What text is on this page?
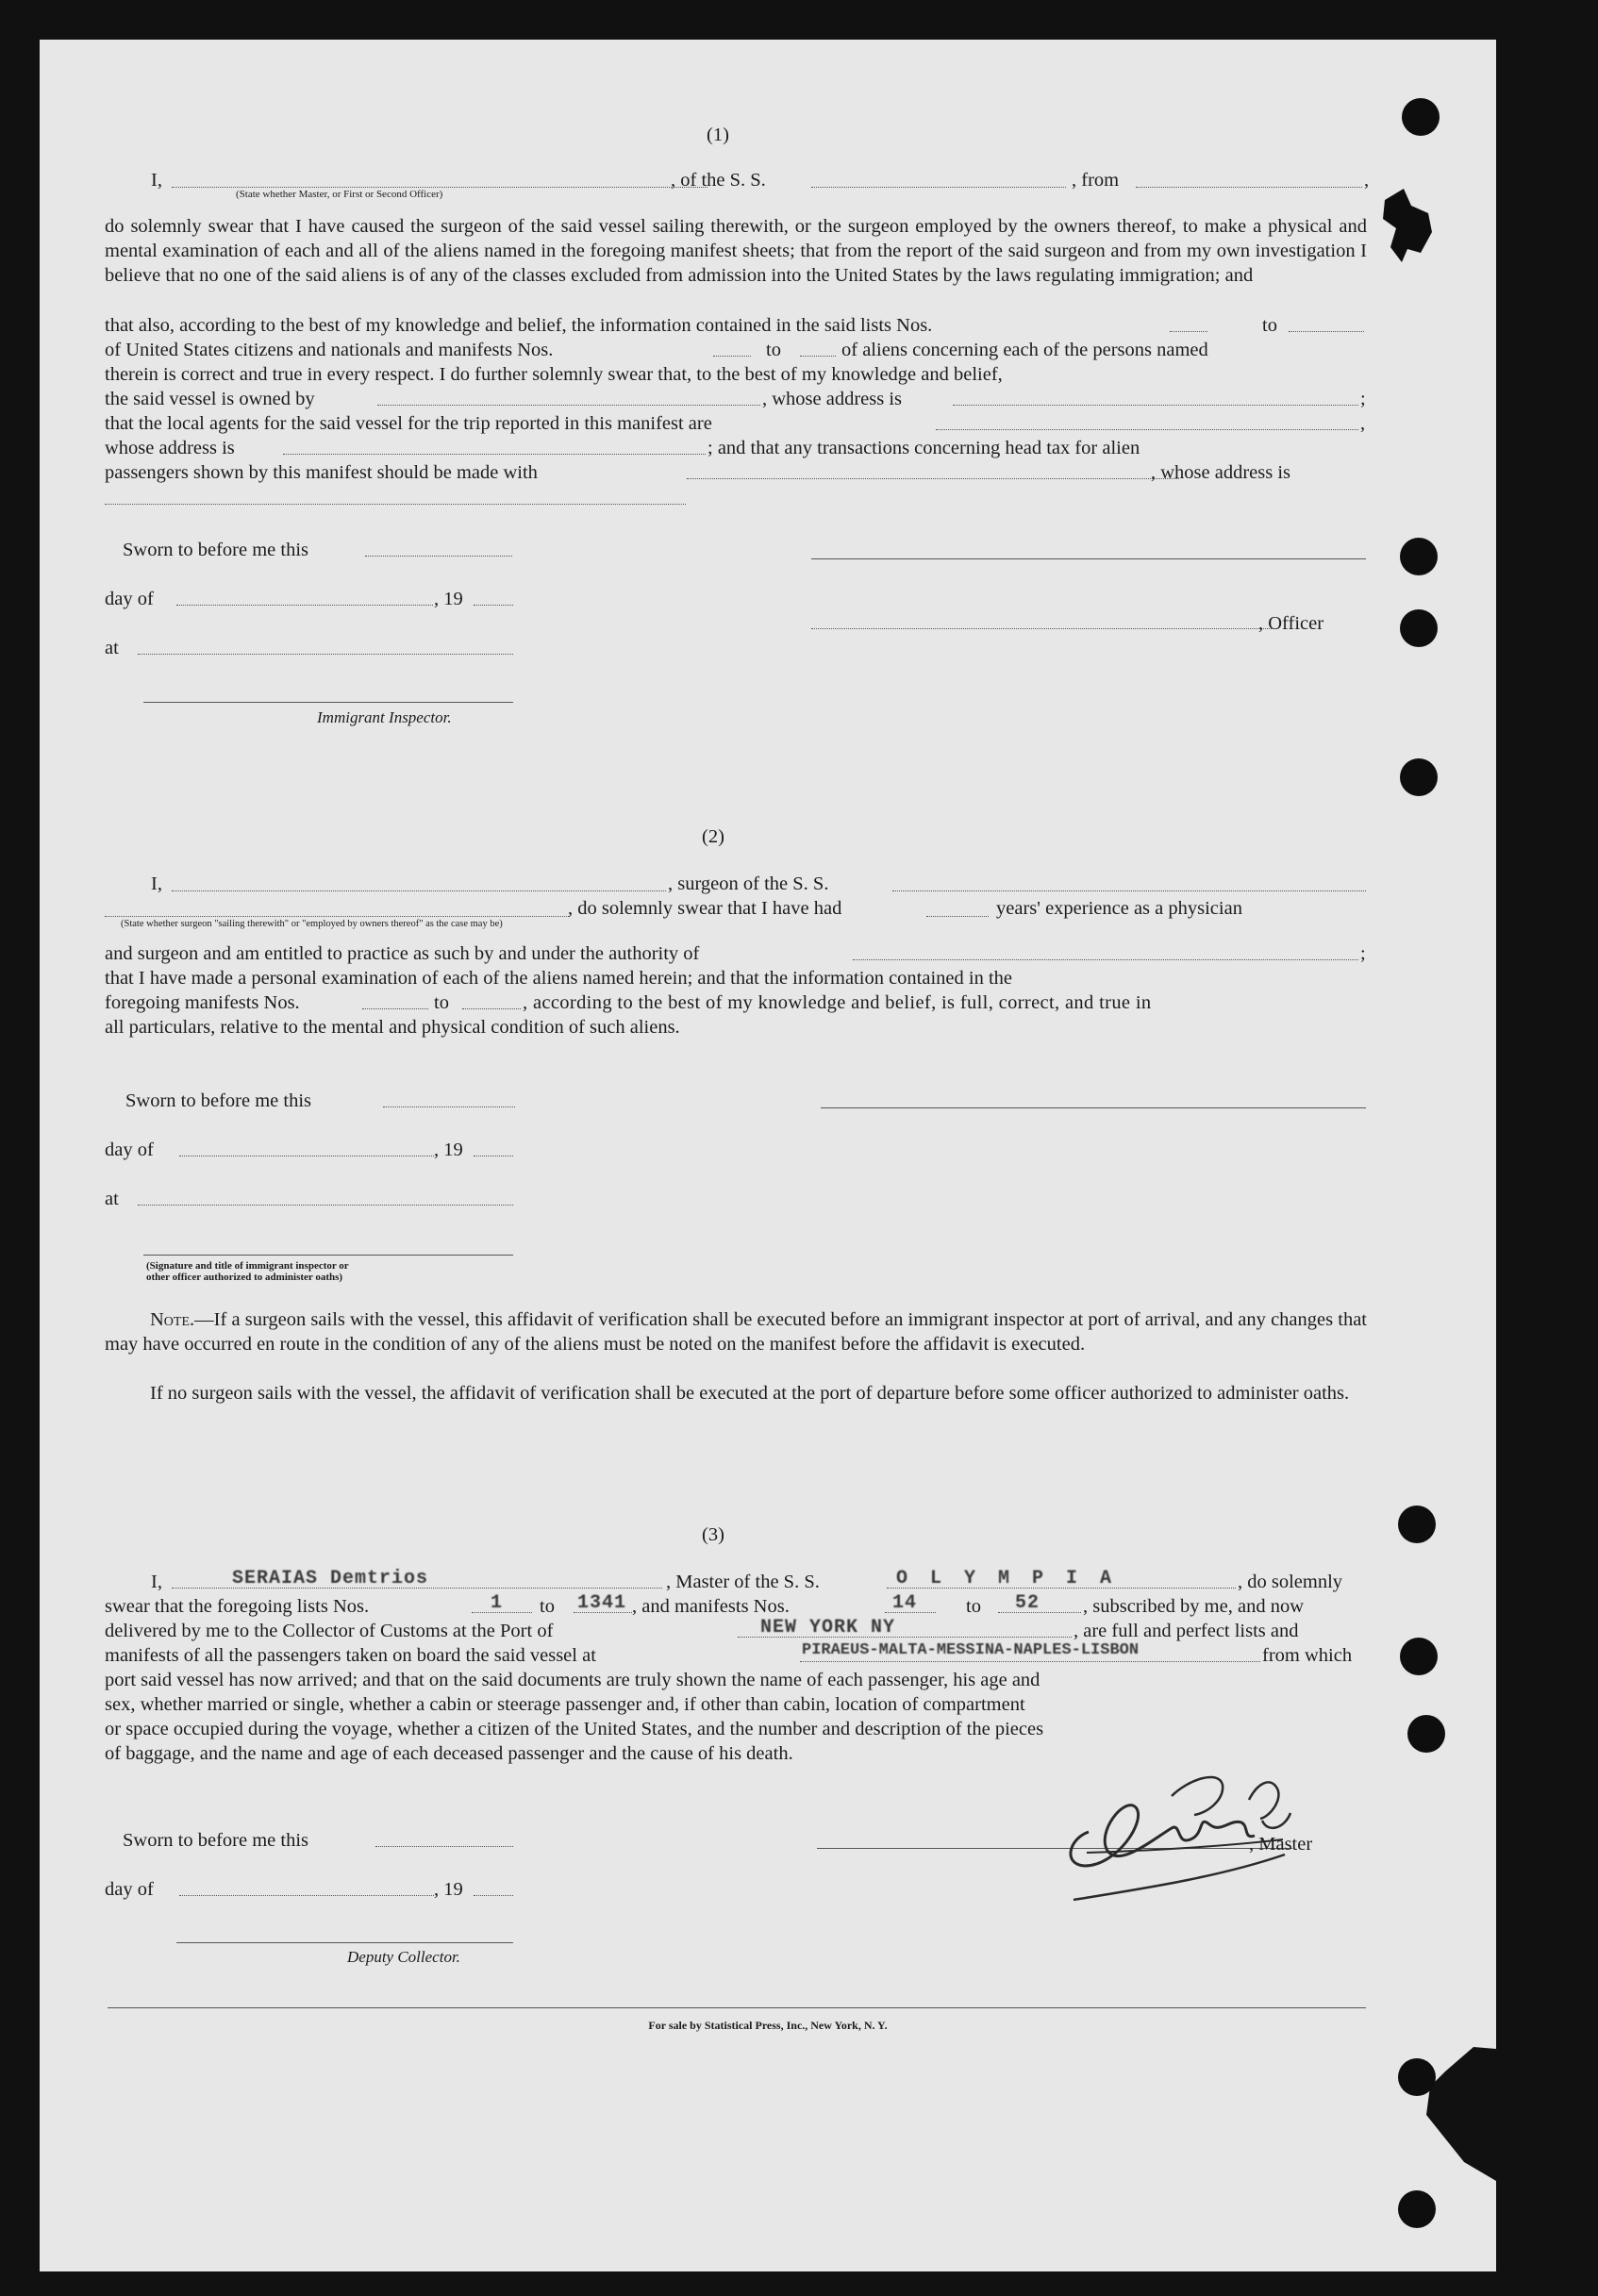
(1)
I,
(State whether Master, or First or Second Officer)
, of the S. S.	, from	,
do solemnly swear that I have caused the surgeon of the said vessel sailing therewith, or the surgeon employed by the owners thereof, to make a physical and mental examination of each and all of the aliens named in the foregoing manifest sheets; that from the report of the said surgeon and from my own investigation I believe that no one of the said aliens is of any of the classes excluded from admission into the United States by the laws regulating immigration; and
that also, according to the best of my knowledge and belief, the information contained in the said lists Nos.	to
of United States citizens and nationals and manifests Nos.	to	of aliens concerning each of the persons named
therein is correct and true in every respect. I do further solemnly swear that, to the best of my knowledge and belief,
the said vessel is owned by	, whose address is	;
that the local agents for the said vessel for the trip reported in this manifest are	,
whose address is	; and that any transactions concerning head tax for alien
passengers shown by this manifest should be made with	, whose address is
Sworn to before me this
day of	, 19
, Officer
at
Immigrant Inspector.
(2)
I,	, surgeon of the S. S.
, do solemnly swear that I have had	years' experience as a physician
(State whether surgeon "sailing therewith" or "employed by owners thereof" as the case may be)
and surgeon and am entitled to practice as such by and under the authority of	;
that I have made a personal examination of each of the aliens named herein; and that the information contained in the
foregoing manifests Nos.	to	, according to the best of my knowledge and belief, is full, correct, and true in
all particulars, relative to the mental and physical condition of such aliens.
Sworn to before me this
day of	, 19
at
(Signature and title of immigrant inspector or
other officer authorized to administer oaths)
Note.—If a surgeon sails with the vessel, this affidavit of verification shall be executed before an immigrant inspector at port of arrival, and any changes that may have occurred en route in the condition of any of the aliens must be noted on the manifest before the affidavit is executed.
If no surgeon sails with the vessel, the affidavit of verification shall be executed at the port of departure before some officer authorized to administer oaths.
(3)
I,	SERAIAS Demtrios	, Master of the S. S.	O L Y M P I A	, do solemnly
swear that the foregoing lists Nos.	1 to 1341 , and manifests Nos.	14	to 52 , subscribed by me, and now
delivered by me to the Collector of Customs at the Port of	NEW YORK NY	, are full and perfect lists and
manifests of all the passengers taken on board the said vessel at	PIRAEUS-MALTA-MESSINA-NAPLES-LISBON	from which
port said vessel has now arrived; and that on the said documents are truly shown the name of each passenger, his age and
sex, whether married or single, whether a cabin or steerage passenger and, if other than cabin, location of compartment
or space occupied during the voyage, whether a citizen of the United States, and the number and description of the pieces
of baggage, and the name and age of each deceased passenger and the cause of his death.
Sworn to before me this	, Master
day of	, 19
Deputy Collector.
For sale by Statistical Press, Inc., New York, N. Y.
